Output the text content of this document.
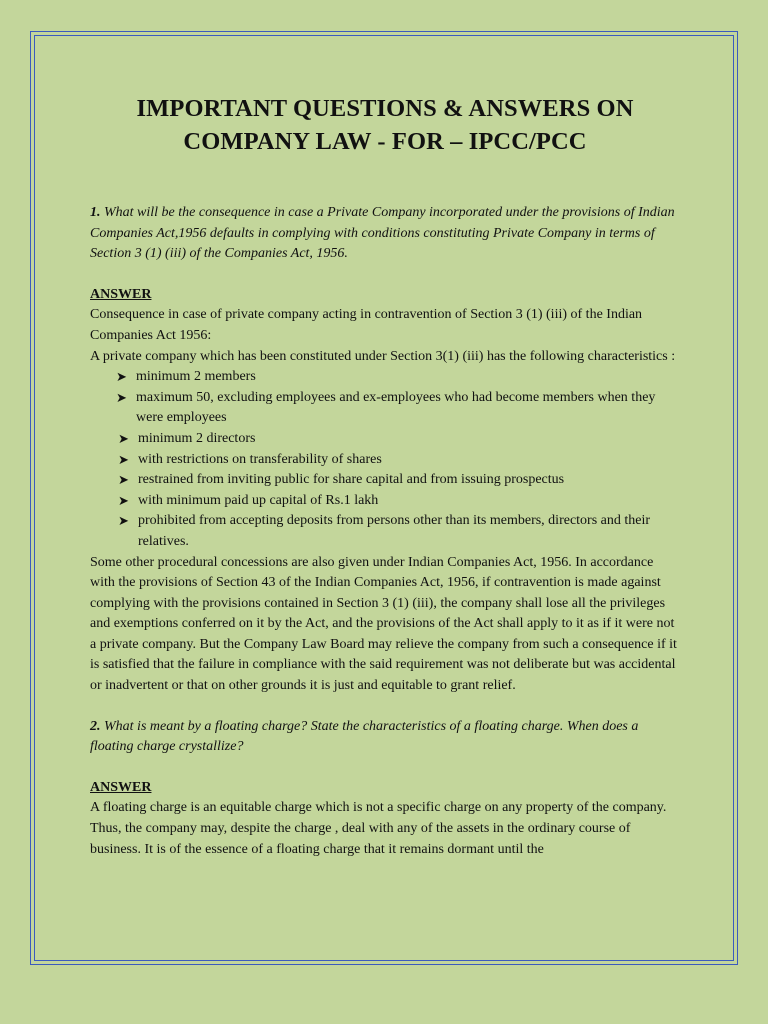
IMPORTANT QUESTIONS & ANSWERS ON
COMPANY LAW - FOR – IPCC/PCC

1. What will be the consequence in case a Private Company incorporated under the provisions of Indian Companies Act,1956 defaults in complying with conditions constituting Private Company in terms of Section 3 (1) (iii) of the Companies Act, 1956.

ANSWER

Consequence in case of private company acting in contravention of Section 3 (1) (iii) of the Indian Companies Act 1956:

A private company which has been constituted under Section 3(1) (iii) has the following characteristics :

➤ minimum 2 members
➤ maximum 50, excluding employees and ex-employees who had become members when they were employees
➤ minimum 2 directors
➤ with restrictions on transferability of shares
➤ restrained from inviting public for share capital and from issuing prospectus
➤ with minimum paid up capital of Rs.1 lakh
➤ prohibited from accepting deposits from persons other than its members, directors and their relatives.

Some other procedural concessions are also given under Indian Companies Act, 1956. In accordance with the provisions of Section 43 of the Indian Companies Act, 1956, if contravention is made against complying with the provisions contained in Section 3 (1) (iii), the company shall lose all the privileges and exemptions conferred on it by the Act, and the provisions of the Act shall apply to it as if it were not a private company. But the Company Law Board may relieve the company from such a consequence if it is satisfied that the failure in compliance with the said requirement was not deliberate but was accidental or inadvertent or that on other grounds it is just and equitable to grant relief.

2. What is meant by a floating charge? State the characteristics of a floating charge. When does a floating charge crystallize?

ANSWER

A floating charge is an equitable charge which is not a specific charge on any property of the company. Thus, the company may, despite the charge , deal with any of the assets in the ordinary course of business. It is of the essence of a floating charge that it remains dormant until the
